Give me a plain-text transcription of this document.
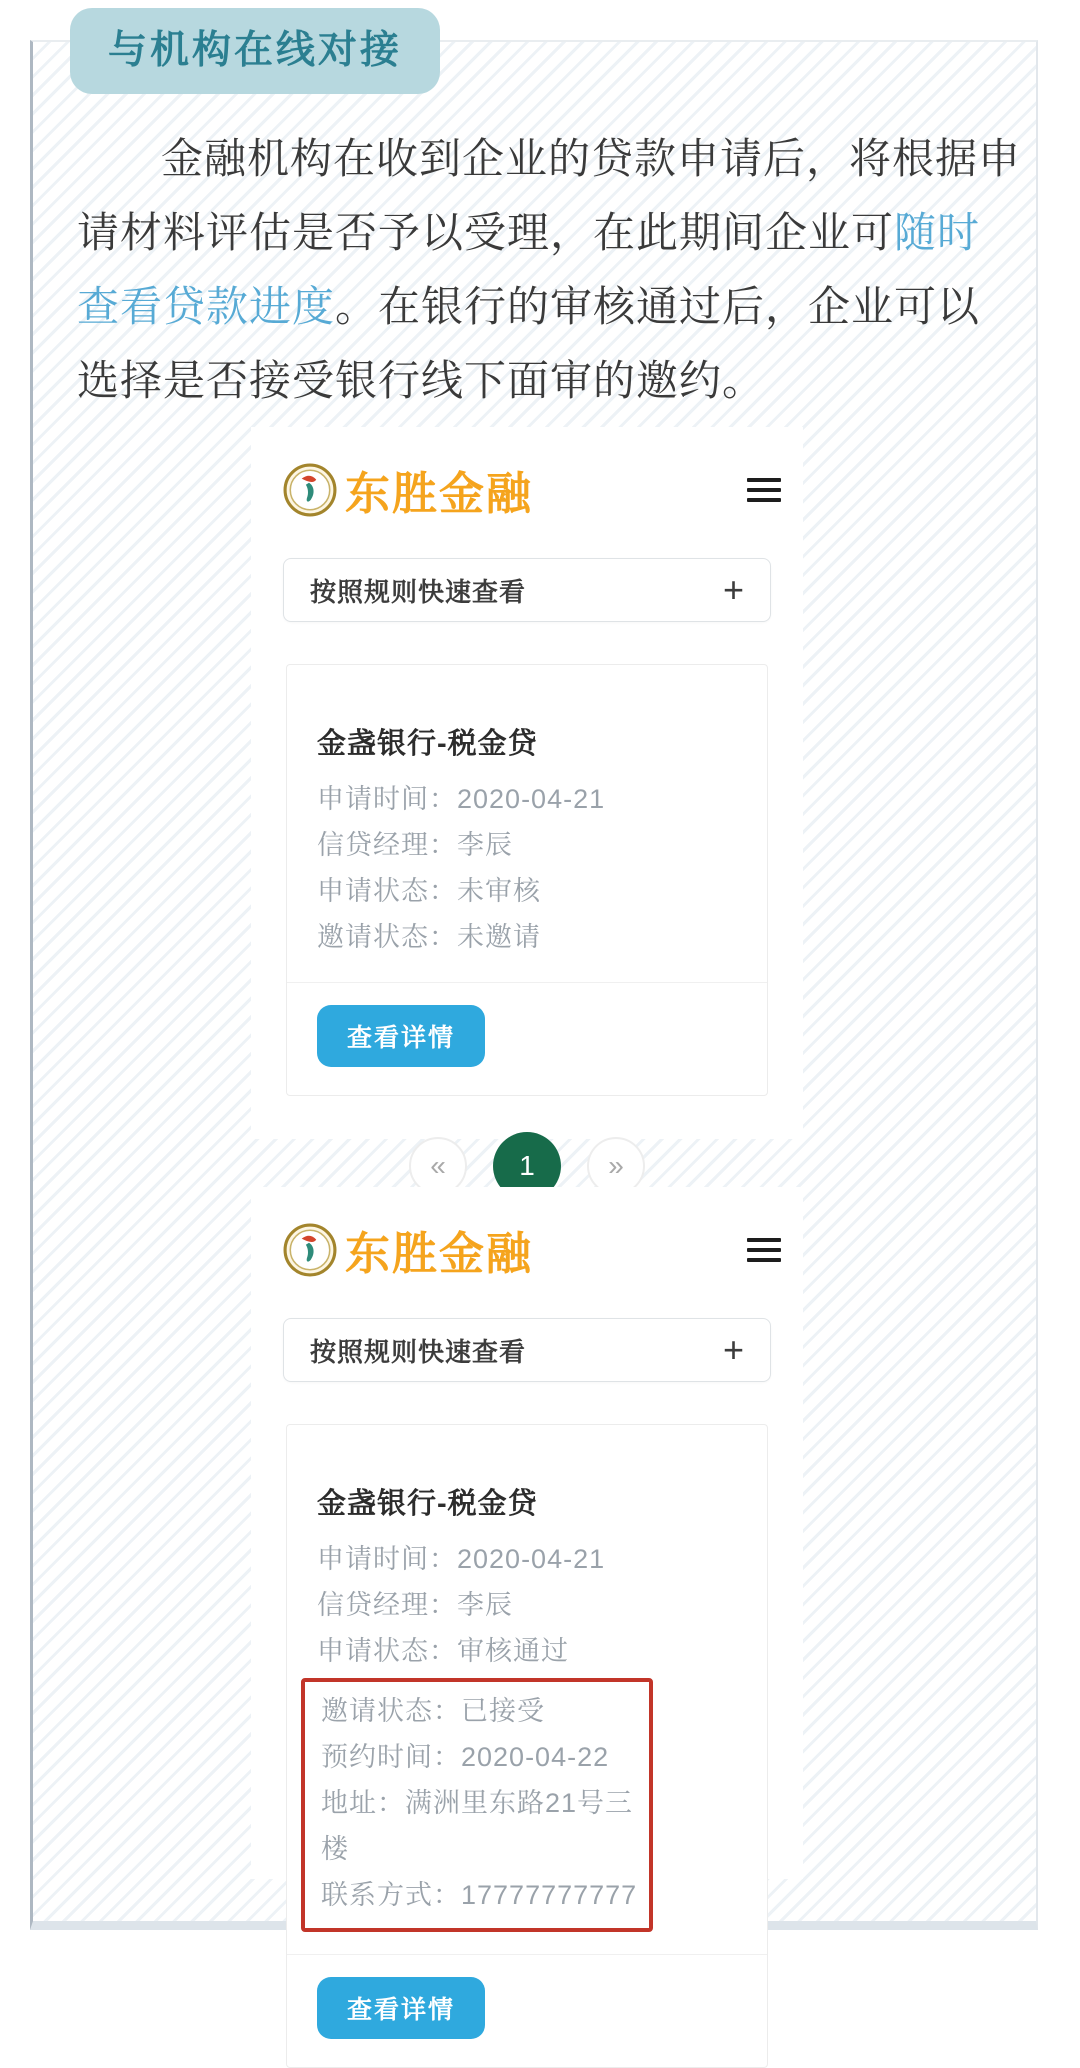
金融机构在收到企业的贷款申请后，将根据申请材料评估是否予以受理，在此期间企业可随时查看贷款进度。在银行的审核通过后，企业可以选择是否接受银行线下面审的邀约。
东胜金融
按照规则快速查看	+
金盏银行-税金贷
申请时间：2020-04-21
信贷经理：李辰
申请状态：未审核
邀请状态：未邀请
查看详情
«	1	»
东胜金融
按照规则快速查看	+
金盏银行-税金贷
申请时间：2020-04-21
信贷经理：李辰
申请状态：审核通过
邀请状态：已接受
预约时间：2020-04-22
地址：满洲里东路21号三楼
联系方式：17777777777
查看详情
与机构在线对接
